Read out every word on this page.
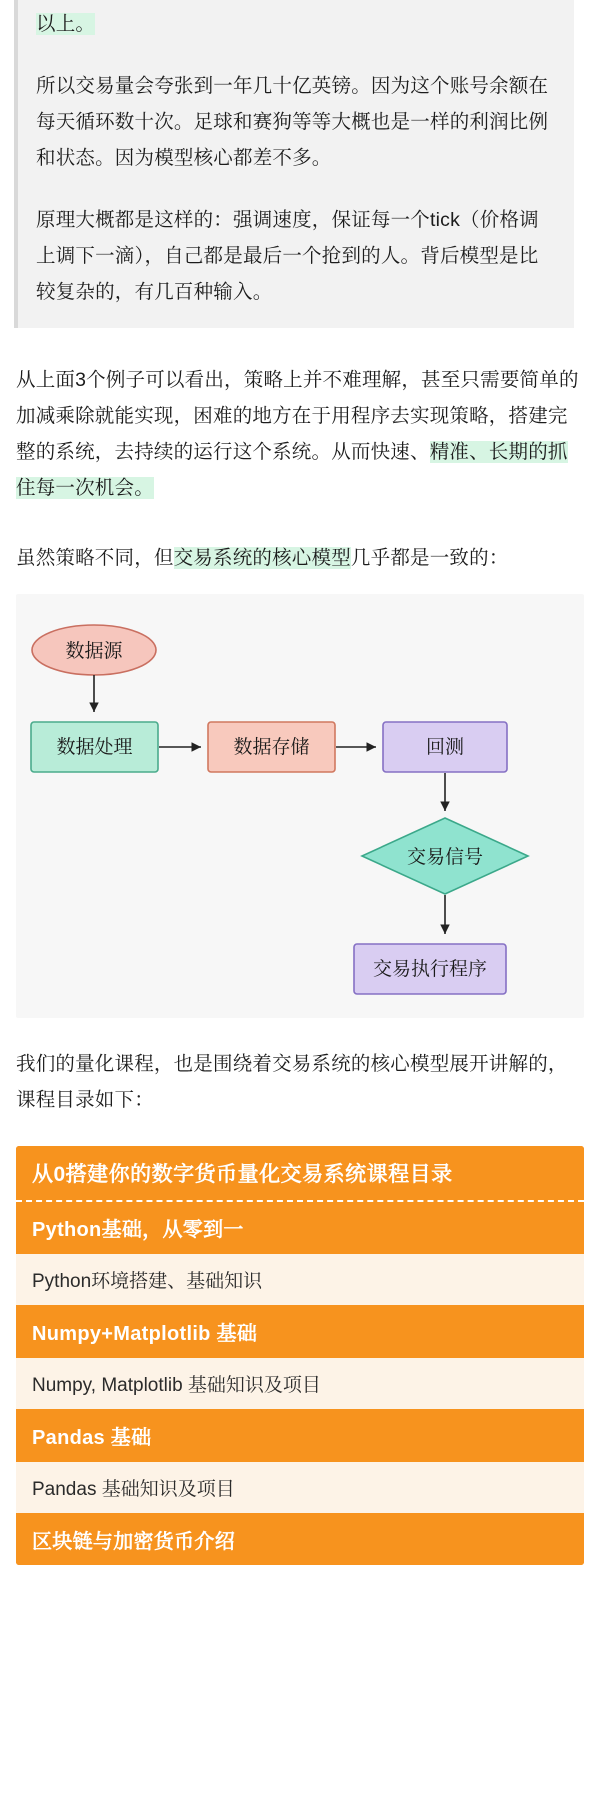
以上。

所以交易量会夸张到一年几十亿英镑。因为这个账号余额在每天循环数十次。足球和赛狗等等大概也是一样的利润比例和状态。因为模型核心都差不多。

原理大概都是这样的：强调速度，保证每一个tick（价格调上调下一滴），自己都是最后一个抢到的人。背后模型是比较复杂的，有几百种输入。

从上面3个例子可以看出，策略上并不难理解，甚至只需要简单的加减乘除就能实现，困难的地方在于用程序去实现策略，搭建完整的系统，去持续的运行这个系统。从而快速、精准、长期的抓住每一次机会。

虽然策略不同，但交易系统的核心模型几乎都是一致的：

数据源
数据处理	数据存储	回测
交易信号
交易执行程序

我们的量化课程，也是围绕着交易系统的核心模型展开讲解的，课程目录如下：

从0搭建你的数字货币量化交易系统课程目录
Python基础，从零到一
Python环境搭建、基础知识
Numpy+Matplotlib 基础
Numpy, Matplotlib 基础知识及项目
Pandas 基础
Pandas 基础知识及项目
区块链与加密货币介绍
